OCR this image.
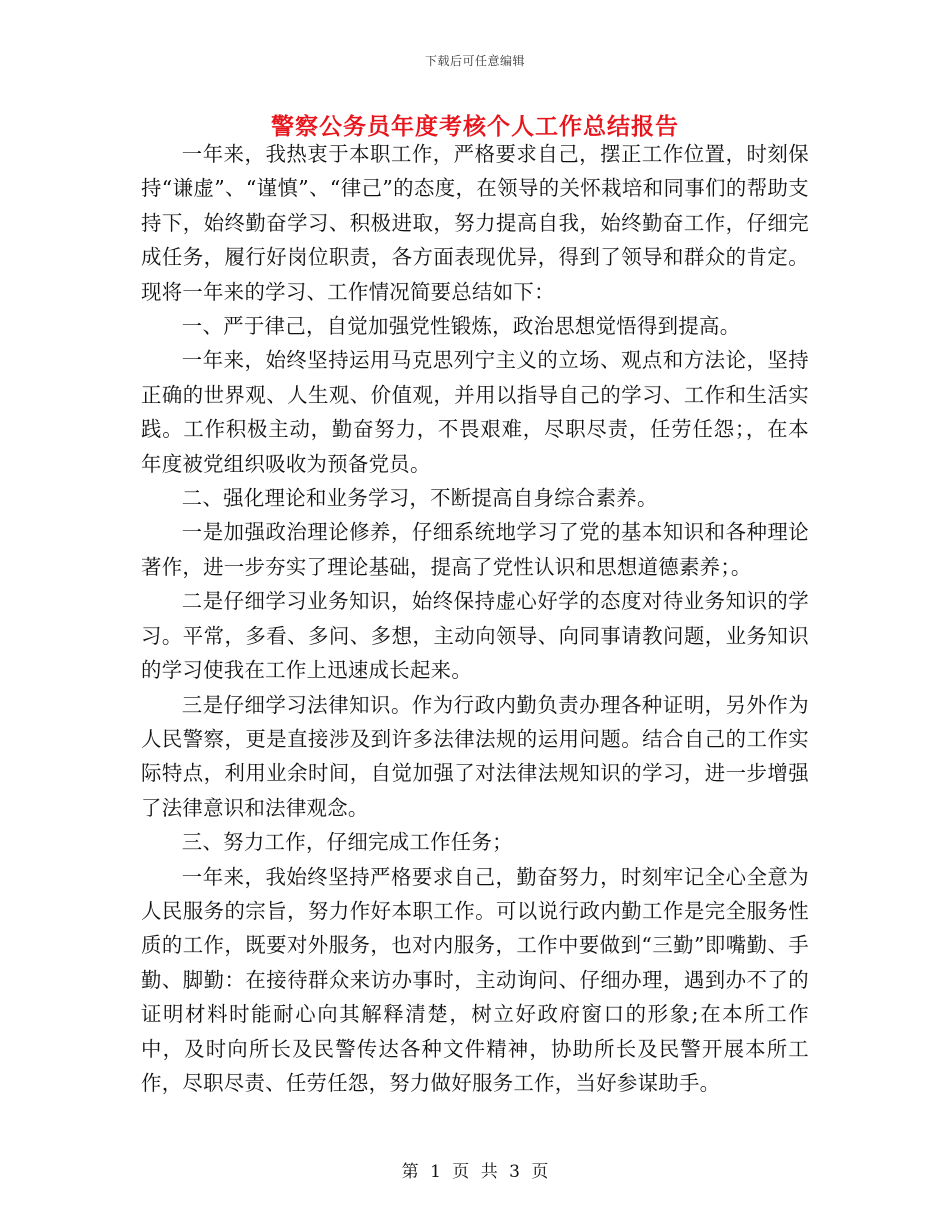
下载后可任意编辑
警察公务员年度考核个人工作总结报告

一年来，我热衷于本职工作，严格要求自己，摆正工作位置，时刻保持“谦虚”、“谨慎”、“律己”的态度，在领导的关怀栽培和同事们的帮助支持下，始终勤奋学习、积极进取，努力提高自我，始终勤奋工作，仔细完成任务，履行好岗位职责，各方面表现优异，得到了领导和群众的肯定。现将一年来的学习、工作情况简要总结如下：

一、严于律己，自觉加强党性锻炼，政治思想觉悟得到提高。

一年来，始终坚持运用马克思列宁主义的立场、观点和方法论，坚持正确的世界观、人生观、价值观，并用以指导自己的学习、工作和生活实践。工作积极主动，勤奋努力，不畏艰难，尽职尽责，任劳任怨；，在本年度被党组织吸收为预备党员。

二、强化理论和业务学习，不断提高自身综合素养。

一是加强政治理论修养，仔细系统地学习了党的基本知识和各种理论著作，进一步夯实了理论基础，提高了党性认识和思想道德素养；。

二是仔细学习业务知识，始终保持虚心好学的态度对待业务知识的学习。平常，多看、多问、多想，主动向领导、向同事请教问题，业务知识的学习使我在工作上迅速成长起来。

三是仔细学习法律知识。作为行政内勤负责办理各种证明，另外作为人民警察，更是直接涉及到许多法律法规的运用问题。结合自己的工作实际特点，利用业余时间，自觉加强了对法律法规知识的学习，进一步增强了法律意识和法律观念。

三、努力工作，仔细完成工作任务；

一年来，我始终坚持严格要求自己，勤奋努力，时刻牢记全心全意为人民服务的宗旨，努力作好本职工作。可以说行政内勤工作是完全服务性质的工作，既要对外服务，也对内服务，工作中要做到“三勤”即嘴勤、手勤、脚勤：在接待群众来访办事时，主动询问、仔细办理，遇到办不了的证明材料时能耐心向其解释清楚，树立好政府窗口的形象;在本所工作中，及时向所长及民警传达各种文件精神，协助所长及民警开展本所工作，尽职尽责、任劳任怨，努力做好服务工作，当好参谋助手。

第 1 页 共 3 页
